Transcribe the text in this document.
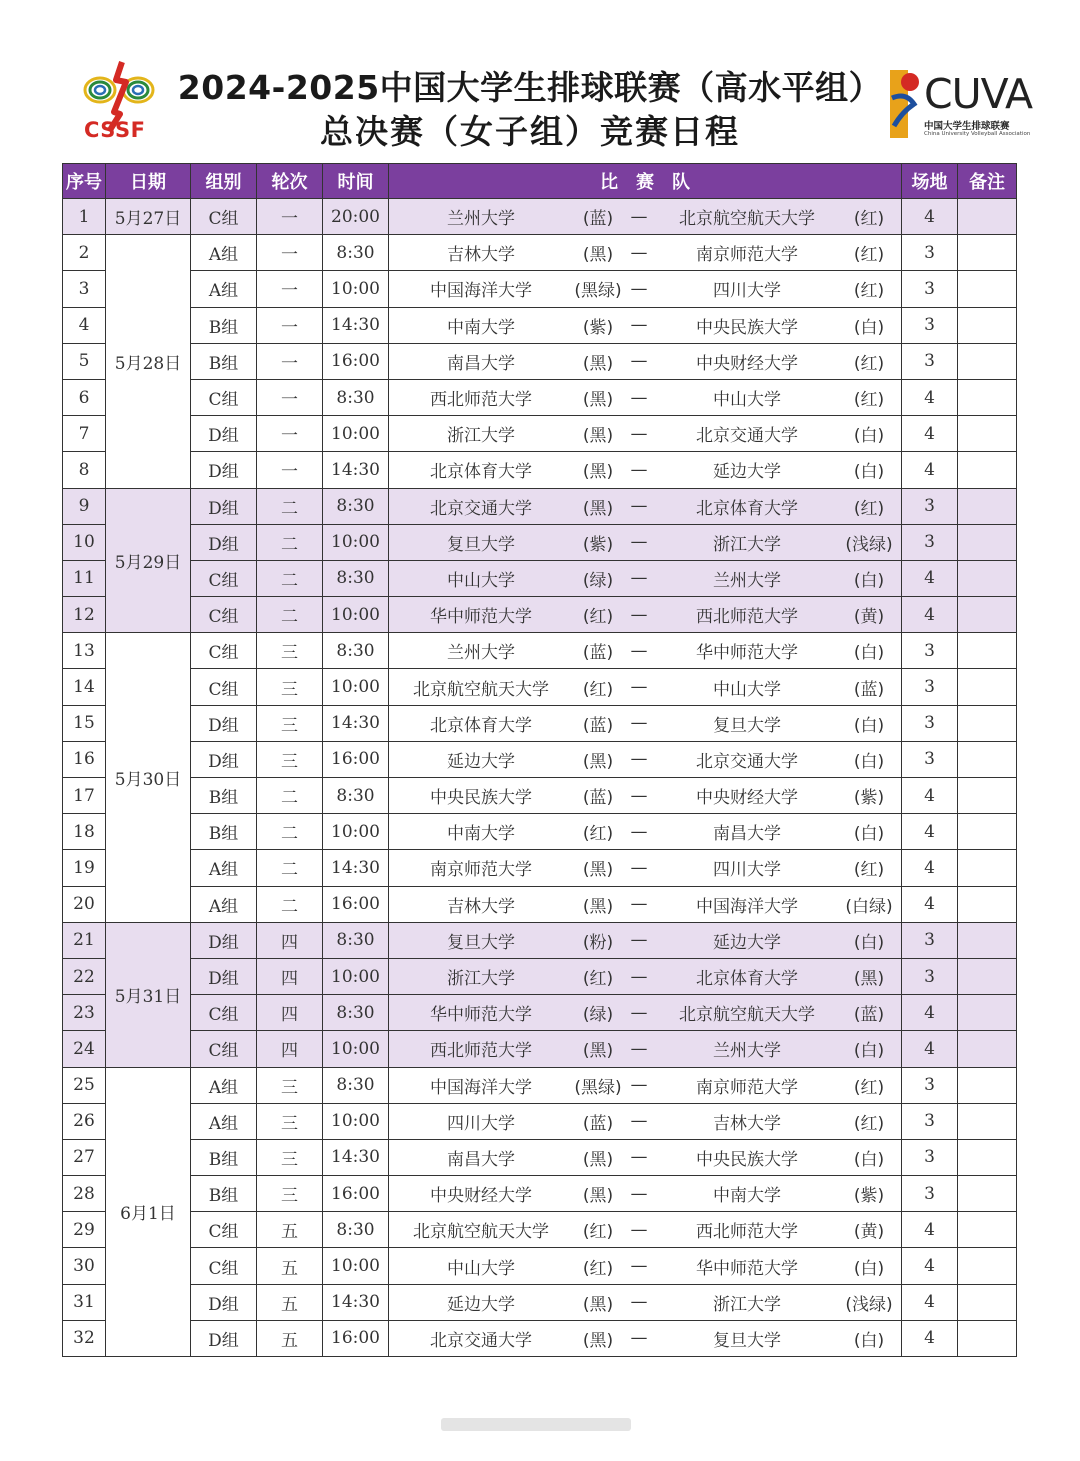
CSSF
2024-2025中国大学生排球联赛（高水平组）
总决赛（女子组）竞赛日程
CUVA
中国大学生排球联赛
China University Volleyball Association
序号	日期	组别	轮次	时间	比　赛　队	场地	备注
1	5月27日	C组	一	20:00	兰州大学 (蓝) — 北京航空航天大学 (红)	4	
2	5月28日	A组	一	8:30	吉林大学 (黑) — 南京师范大学 (红)	3	
3		A组	一	10:00	中国海洋大学 (黑绿) — 四川大学 (红)	3	
4		B组	一	14:30	中南大学 (紫) — 中央民族大学 (白)	3	
5		B组	一	16:00	南昌大学 (黑) — 中央财经大学 (红)	3	
6		C组	一	8:30	西北师范大学 (黑) — 中山大学 (红)	4	
7		D组	一	10:00	浙江大学 (黑) — 北京交通大学 (白)	4	
8		D组	一	14:30	北京体育大学 (黑) — 延边大学 (白)	4	
9	5月29日	D组	二	8:30	北京交通大学 (黑) — 北京体育大学 (红)	3	
10		D组	二	10:00	复旦大学 (紫) — 浙江大学 (浅绿)	3	
11		C组	二	8:30	中山大学 (绿) — 兰州大学 (白)	4	
12		C组	二	10:00	华中师范大学 (红) — 西北师范大学 (黄)	4	
13	5月30日	C组	三	8:30	兰州大学 (蓝) — 华中师范大学 (白)	3	
14		C组	三	10:00	北京航空航天大学 (红) — 中山大学 (蓝)	3	
15		D组	三	14:30	北京体育大学 (蓝) — 复旦大学 (白)	3	
16		D组	三	16:00	延边大学 (黑) — 北京交通大学 (白)	3	
17		B组	二	8:30	中央民族大学 (蓝) — 中央财经大学 (紫)	4	
18		B组	二	10:00	中南大学 (红) — 南昌大学 (白)	4	
19		A组	二	14:30	南京师范大学 (黑) — 四川大学 (红)	4	
20		A组	二	16:00	吉林大学 (黑) — 中国海洋大学 (白绿)	4	
21	5月31日	D组	四	8:30	复旦大学 (粉) — 延边大学 (白)	3	
22		D组	四	10:00	浙江大学 (红) — 北京体育大学 (黑)	3	
23		C组	四	8:30	华中师范大学 (绿) — 北京航空航天大学 (蓝)	4	
24		C组	四	10:00	西北师范大学 (黑) — 兰州大学 (白)	4	
25	6月1日	A组	三	8:30	中国海洋大学 (黑绿) — 南京师范大学 (红)	3	
26		A组	三	10:00	四川大学 (蓝) — 吉林大学 (红)	3	
27		B组	三	14:30	南昌大学 (黑) — 中央民族大学 (白)	3	
28		B组	三	16:00	中央财经大学 (黑) — 中南大学 (紫)	3	
29		C组	五	8:30	北京航空航天大学 (红) — 西北师范大学 (黄)	4	
30		C组	五	10:00	中山大学 (红) — 华中师范大学 (白)	4	
31		D组	五	14:30	延边大学 (黑) — 浙江大学 (浅绿)	4	
32		D组	五	16:00	北京交通大学 (黑) — 复旦大学 (白)	4	
